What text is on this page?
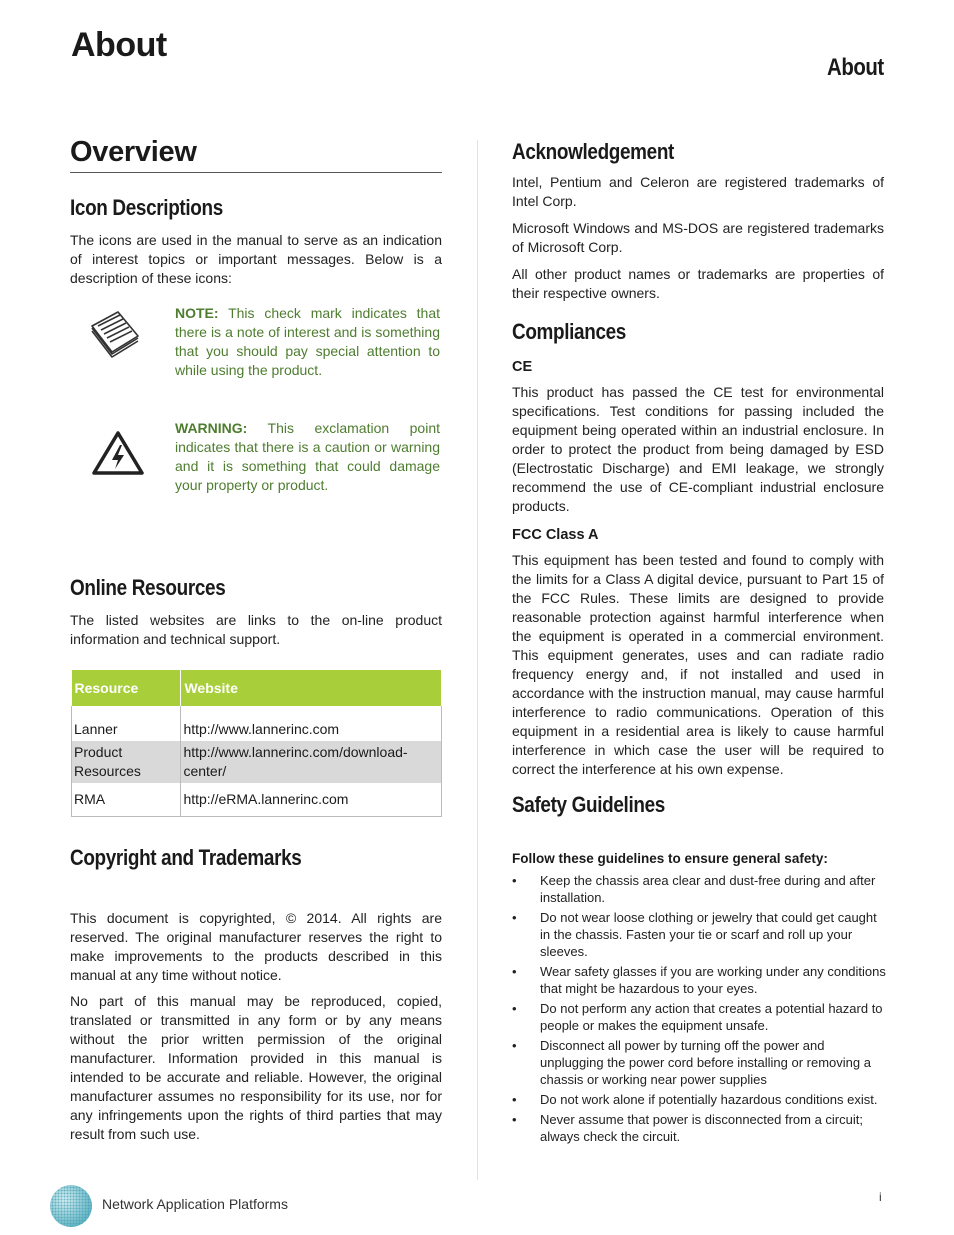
About
About
Overview
Icon Descriptions
The icons are used in the manual to serve as an indication of interest topics or important messages. Below is a description of these icons:
NOTE: This check mark indicates that there is a note of interest and is something that you should pay special attention to while using the product.
WARNING: This exclamation point indicates that there is a caution or warning and it is something that could damage your property or product.
Online Resources
The listed websites are links to the on-line product information and technical support.
Resource	Website

Lanner	http://www.lannerinc.com
Product Resources	http://www.lannerinc.com/download-center/
RMA	http://eRMA.lannerinc.com
Copyright and Trademarks
This document is copyrighted, © 2014. All rights are reserved. The original manufacturer reserves the right to make improvements to the products described in this manual at any time without notice.
No part of this manual may be reproduced, copied, translated or transmitted in any form or by any means without the prior written permission of the original manufacturer. Information provided in this manual is intended to be accurate and reliable. However, the original manufacturer assumes no responsibility for its use, nor for any infringements upon the rights of third parties that may result from such use.
Acknowledgement
Intel, Pentium and Celeron are registered trademarks of Intel Corp.
Microsoft Windows and MS-DOS are registered trademarks of Microsoft Corp.
All other product names or trademarks are properties of their respective owners.
Compliances
CE
This product has passed the CE test for environmental specifications. Test conditions for passing included the equipment being operated within an industrial enclosure. In order to protect the product from being damaged by ESD (Electrostatic Discharge) and EMI leakage, we strongly recommend the use of CE-compliant industrial enclosure products.
FCC Class A
This equipment has been tested and found to comply with the limits for a Class A digital device, pursuant to Part 15 of the FCC Rules. These limits are designed to provide reasonable protection against harmful interference when the equipment is operated in a commercial environment. This equipment generates, uses and can radiate radio frequency energy and, if not installed and used in accordance with the instruction manual, may cause harmful interference to radio communications. Operation of this equipment in a residential area is likely to cause harmful interference in which case the user will be required to correct the interference at his own expense.
Safety Guidelines
Follow these guidelines to ensure general safety:
• Keep the chassis area clear and dust-free during and after installation.
• Do not wear loose clothing or jewelry that could get caught in the chassis. Fasten your tie or scarf and roll up your sleeves.
• Wear safety glasses if you are working under any conditions that might be hazardous to your eyes.
• Do not perform any action that creates a potential hazard to people or makes the equipment unsafe.
• Disconnect all power by turning off the power and unplugging the power cord before installing or removing a chassis or working near power supplies
• Do not work alone if potentially hazardous conditions exist.
• Never assume that power is disconnected from a circuit; always check the circuit.
Network Application Platforms	i
